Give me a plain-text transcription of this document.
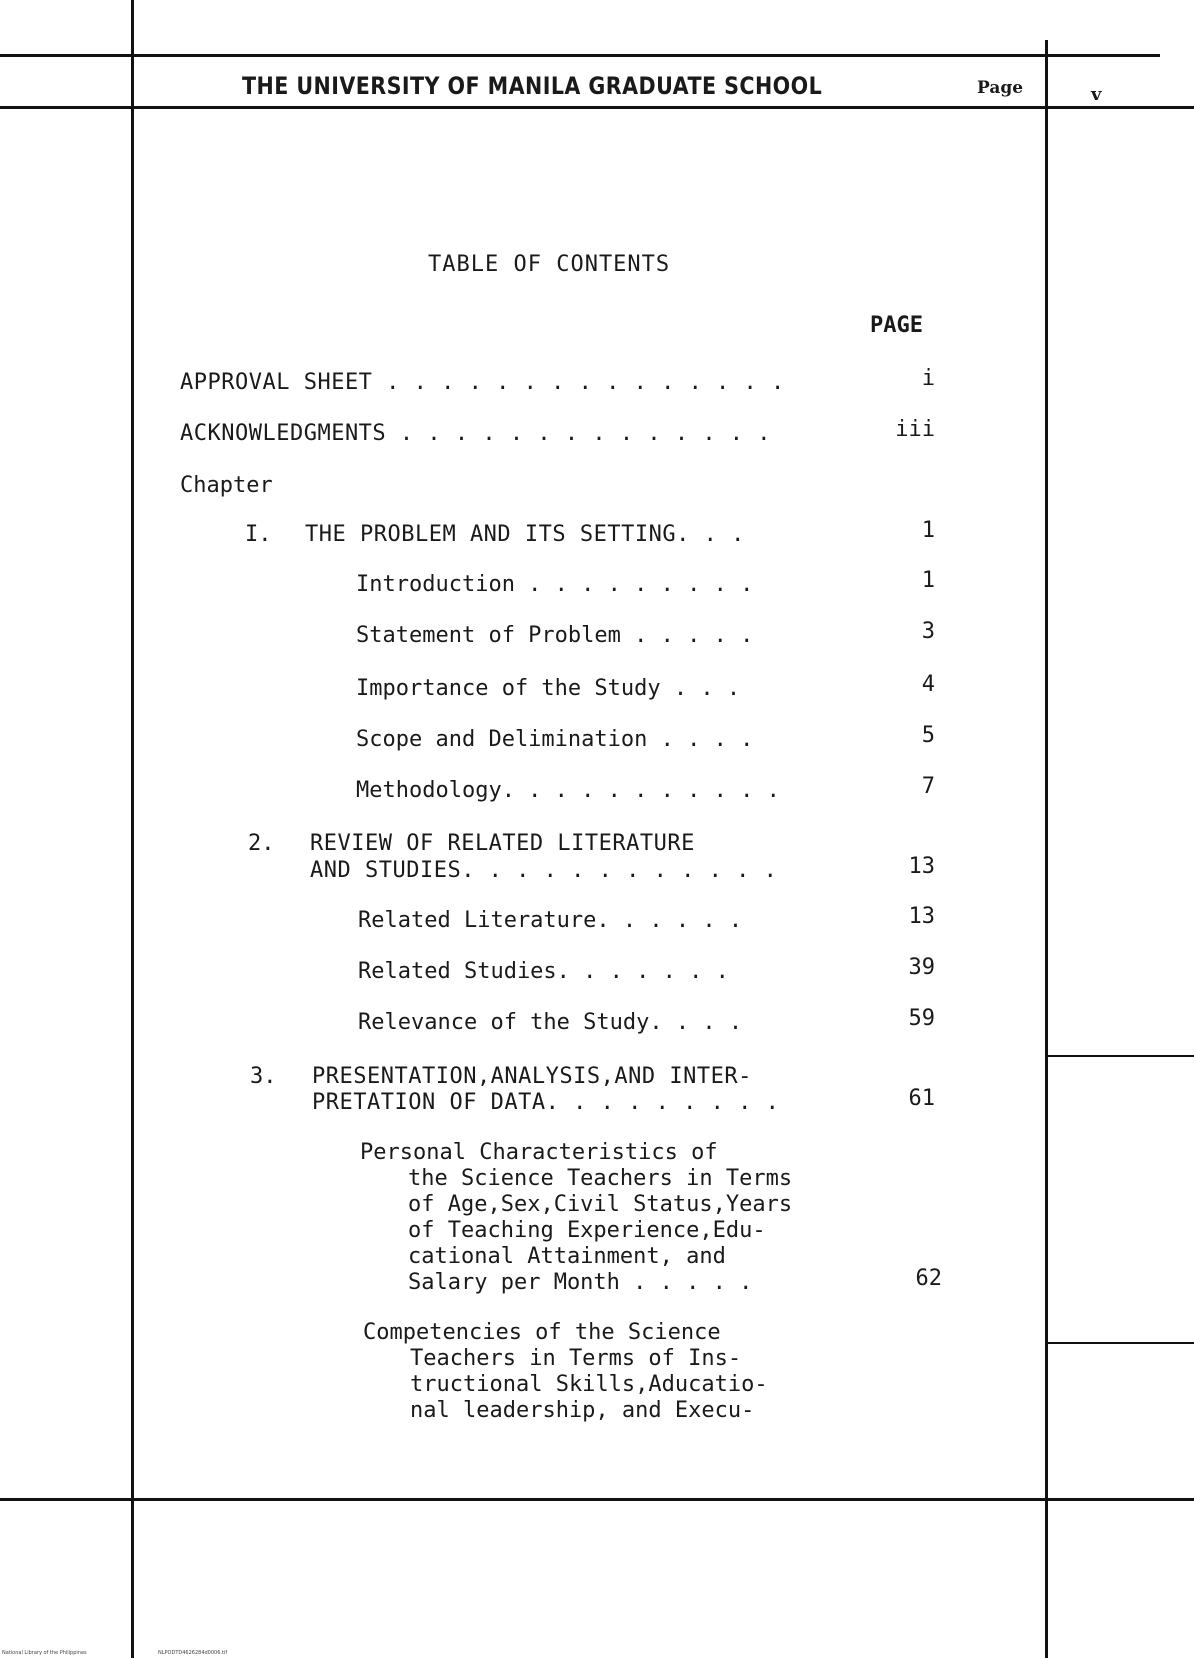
THE UNIVERSITY OF MANILA GRADUATE SCHOOL	Page	v
TABLE OF CONTENTS
PAGE
APPROVAL SHEET . . . . . . . . . . . . . . .	i
ACKNOWLEDGMENTS . . . . . . . . . . . . . .	iii
Chapter
I. THE PROBLEM AND ITS SETTING. . .	1
Introduction . . . . . . . . .	1
Statement of Problem . . . . .	3
Importance of the Study . . .	4
Scope and Delimination . . . .	5
Methodology. . . . . . . . . . .	7
2. REVIEW OF RELATED LITERATURE
AND STUDIES. . . . . . . . . . . .	13
Related Literature. . . . . .	13
Related Studies. . . . . . .	39
Relevance of the Study. . . .	59
3. PRESENTATION,ANALYSIS,AND INTER-
PRETATION OF DATA. . . . . . . . .	61
Personal Characteristics of
the Science Teachers in Terms
of Age,Sex,Civil Status,Years
of Teaching Experience,Edu-
cational Attainment, and
Salary per Month . . . . .	62
Competencies of the Science
Teachers in Terms of Ins-
tructional Skills,Aducatio-
nal leadership, and Execu-
National Library of the Philippines	NLPODTD4626284d0006.tif
